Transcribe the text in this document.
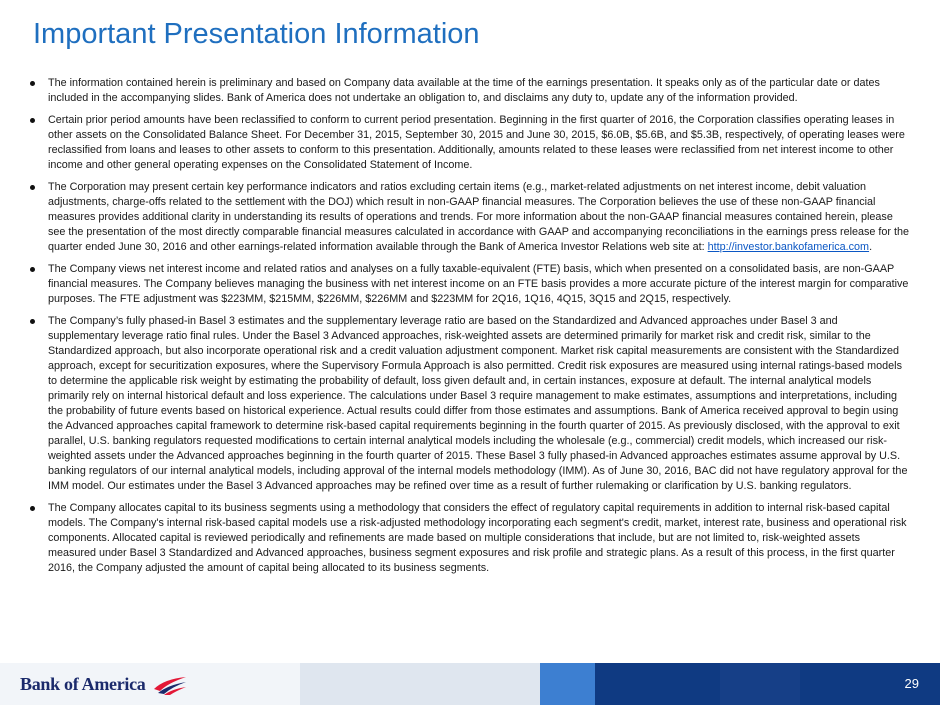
Important Presentation Information
The information contained herein is preliminary and based on Company data available at the time of the earnings presentation. It speaks only as of the particular date or dates included in the accompanying slides. Bank of America does not undertake an obligation to, and disclaims any duty to, update any of the information provided.
Certain prior period amounts have been reclassified to conform to current period presentation. Beginning in the first quarter of 2016, the Corporation classifies operating leases in other assets on the Consolidated Balance Sheet. For December 31, 2015, September 30, 2015 and June 30, 2015, $6.0B, $5.6B, and $5.3B, respectively, of operating leases were reclassified from loans and leases to other assets to conform to this presentation. Additionally, amounts related to these leases were reclassified from net interest income to other income and other general operating expenses on the Consolidated Statement of Income.
The Corporation may present certain key performance indicators and ratios excluding certain items (e.g., market-related adjustments on net interest income, debit valuation adjustments, charge-offs related to the settlement with the DOJ) which result in non-GAAP financial measures. The Corporation believes the use of these non-GAAP financial measures provides additional clarity in understanding its results of operations and trends. For more information about the non-GAAP financial measures contained herein, please see the presentation of the most directly comparable financial measures calculated in accordance with GAAP and accompanying reconciliations in the earnings press release for the quarter ended June 30, 2016 and other earnings-related information available through the Bank of America Investor Relations web site at: http://investor.bankofamerica.com.
The Company views net interest income and related ratios and analyses on a fully taxable-equivalent (FTE) basis, which when presented on a consolidated basis, are non-GAAP financial measures. The Company believes managing the business with net interest income on an FTE basis provides a more accurate picture of the interest margin for comparative purposes. The FTE adjustment was $223MM, $215MM, $226MM, $226MM and $223MM for 2Q16, 1Q16, 4Q15, 3Q15 and 2Q15, respectively.
The Company’s fully phased-in Basel 3 estimates and the supplementary leverage ratio are based on the Standardized and Advanced approaches under Basel 3 and supplementary leverage ratio final rules. Under the Basel 3 Advanced approaches, risk-weighted assets are determined primarily for market risk and credit risk, similar to the Standardized approach, but also incorporate operational risk and a credit valuation adjustment component. Market risk capital measurements are consistent with the Standardized approach, except for securitization exposures, where the Supervisory Formula Approach is also permitted. Credit risk exposures are measured using internal ratings-based models to determine the applicable risk weight by estimating the probability of default, loss given default and, in certain instances, exposure at default. The internal analytical models primarily rely on internal historical default and loss experience. The calculations under Basel 3 require management to make estimates, assumptions and interpretations, including the probability of future events based on historical experience. Actual results could differ from those estimates and assumptions. Bank of America received approval to begin using the Advanced approaches capital framework to determine risk-based capital requirements beginning in the fourth quarter of 2015. As previously disclosed, with the approval to exit parallel, U.S. banking regulators requested modifications to certain internal analytical models including the wholesale (e.g., commercial) credit models, which increased our risk-weighted assets under the Advanced approaches beginning in the fourth quarter of 2015. These Basel 3 fully phased-in Advanced approaches estimates assume approval by U.S. banking regulators of our internal analytical models, including approval of the internal models methodology (IMM). As of June 30, 2016, BAC did not have regulatory approval for the IMM model. Our estimates under the Basel 3 Advanced approaches may be refined over time as a result of further rulemaking or clarification by U.S. banking regulators.
The Company allocates capital to its business segments using a methodology that considers the effect of regulatory capital requirements in addition to internal risk-based capital models. The Company's internal risk-based capital models use a risk-adjusted methodology incorporating each segment's credit, market, interest rate, business and operational risk components. Allocated capital is reviewed periodically and refinements are made based on multiple considerations that include, but are not limited to, risk-weighted assets measured under Basel 3 Standardized and Advanced approaches, business segment exposures and risk profile and strategic plans. As a result of this process, in the first quarter 2016, the Company adjusted the amount of capital being allocated to its business segments.
Bank of America	29
